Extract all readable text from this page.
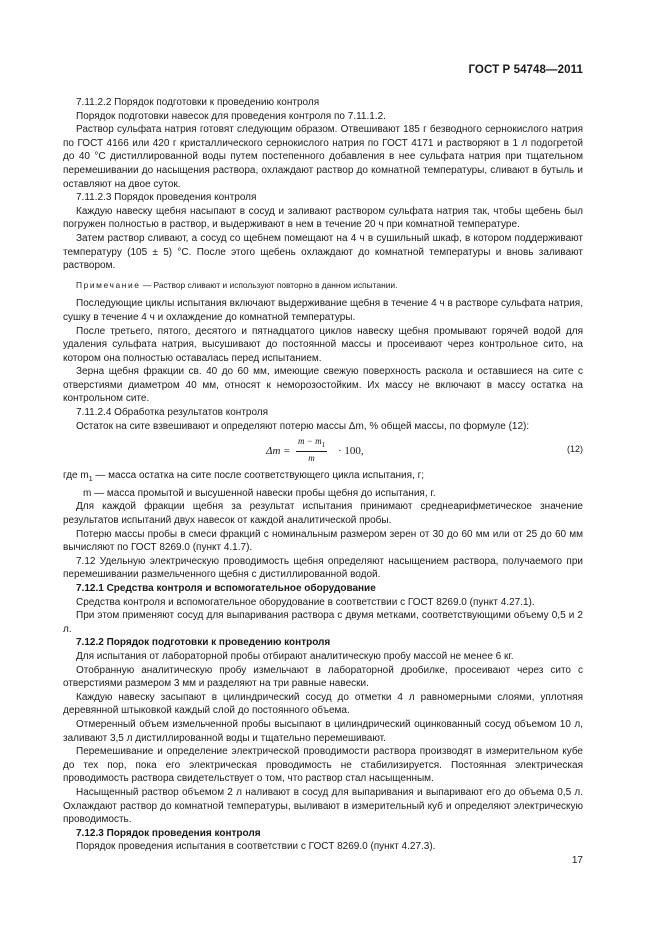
ГОСТ Р 54748—2011

7.11.2.2 Порядок подготовки к проведению контроля

Порядок подготовки навесок для проведения контроля по 7.11.1.2.

Раствор сульфата натрия готовят следующим образом. Отвешивают 185 г безводного сернокислого натрия по ГОСТ 4166 или 420 г кристаллического сернокислого натрия по ГОСТ 4171 и растворяют в 1 л подогретой до 40 °С дистиллированной воды путем постепенного добавления в нее сульфата натрия при тщательном перемешивании до насыщения раствора, охлаждают раствор до комнатной температуры, сливают в бутыль и оставляют на двое суток.

7.11.2.3 Порядок проведения контроля

Каждую навеску щебня насыпают в сосуд и заливают раствором сульфата натрия так, чтобы щебень был погружен полностью в раствор, и выдерживают в нем в течение 20 ч при комнатной температуре.

Затем раствор сливают, а сосуд со щебнем помещают на 4 ч в сушильный шкаф, в котором поддерживают температуру (105 ± 5) °С. После этого щебень охлаждают до комнатной температуры и вновь заливают раствором.

Примечание — Раствор сливают и используют повторно в данном испытании.

Последующие циклы испытания включают выдерживание щебня в течение 4 ч в растворе сульфата натрия, сушку в течение 4 ч и охлаждение до комнатной температуры.

После третьего, пятого, десятого и пятнадцатого циклов навеску щебня промывают горячей водой для удаления сульфата натрия, высушивают до постоянной массы и просеивают через контрольное сито, на котором она полностью оставалась перед испытанием.

Зерна щебня фракции св. 40 до 60 мм, имеющие свежую поверхность раскола и оставшиеся на сите с отверстиями диаметром 40 мм, относят к неморозостойким. Их массу не включают в массу остатка на контрольном сите.

7.11.2.4 Обработка результатов контроля

Остаток на сите взвешивают и определяют потерю массы Δm, % общей массы, по формуле (12):

$\Delta m = \frac{m - m_1}{m} \cdot 100$,	(12)

где $m_1$ — масса остатка на сите после соответствующего цикла испытания, г;

m — масса промытой и высушенной навески пробы щебня до испытания, г.

Для каждой фракции щебня за результат испытания принимают среднеарифметическое значение результатов испытаний двух навесок от каждой аналитической пробы.

Потерю массы пробы в смеси фракций с номинальным размером зерен от 30 до 60 мм или от 25 до 60 мм вычисляют по ГОСТ 8269.0 (пункт 4.1.7).

7.12 Удельную электрическую проводимость щебня определяют насыщением раствора, получаемого при перемешивании размельченного щебня с дистиллированной водой.

7.12.1 Средства контроля и вспомогательное оборудование

Средства контроля и вспомогательное оборудование в соответствии с ГОСТ 8269.0 (пункт 4.27.1).

При этом применяют сосуд для выпаривания раствора с двумя метками, соответствующими объему 0,5 и 2 л.

7.12.2 Порядок подготовки к проведению контроля

Для испытания от лабораторной пробы отбирают аналитическую пробу массой не менее 6 кг.

Отобранную аналитическую пробу измельчают в лабораторной дробилке, просеивают через сито с отверстиями размером 3 мм и разделяют на три равные навески.

Каждую навеску засыпают в цилиндрический сосуд до отметки 4 л равномерными слоями, уплотняя деревянной штыковкой каждый слой до постоянного объема.

Отмеренный объем измельченной пробы высыпают в цилиндрический оцинкованный сосуд объемом 10 л, заливают 3,5 л дистиллированной воды и тщательно перемешивают.

Перемешивание и определение электрической проводимости раствора производят в измерительном кубе до тех пор, пока его электрическая проводимость не стабилизируется. Постоянная электрическая проводимость раствора свидетельствует о том, что раствор стал насыщенным.

Насыщенный раствор объемом 2 л наливают в сосуд для выпаривания и выпаривают его до объема 0,5 л. Охлаждают раствор до комнатной температуры, выливают в измерительный куб и определяют электрическую проводимость.

7.12.3 Порядок проведения контроля

Порядок проведения испытания в соответствии с ГОСТ 8269.0 (пункт 4.27.3).

17
